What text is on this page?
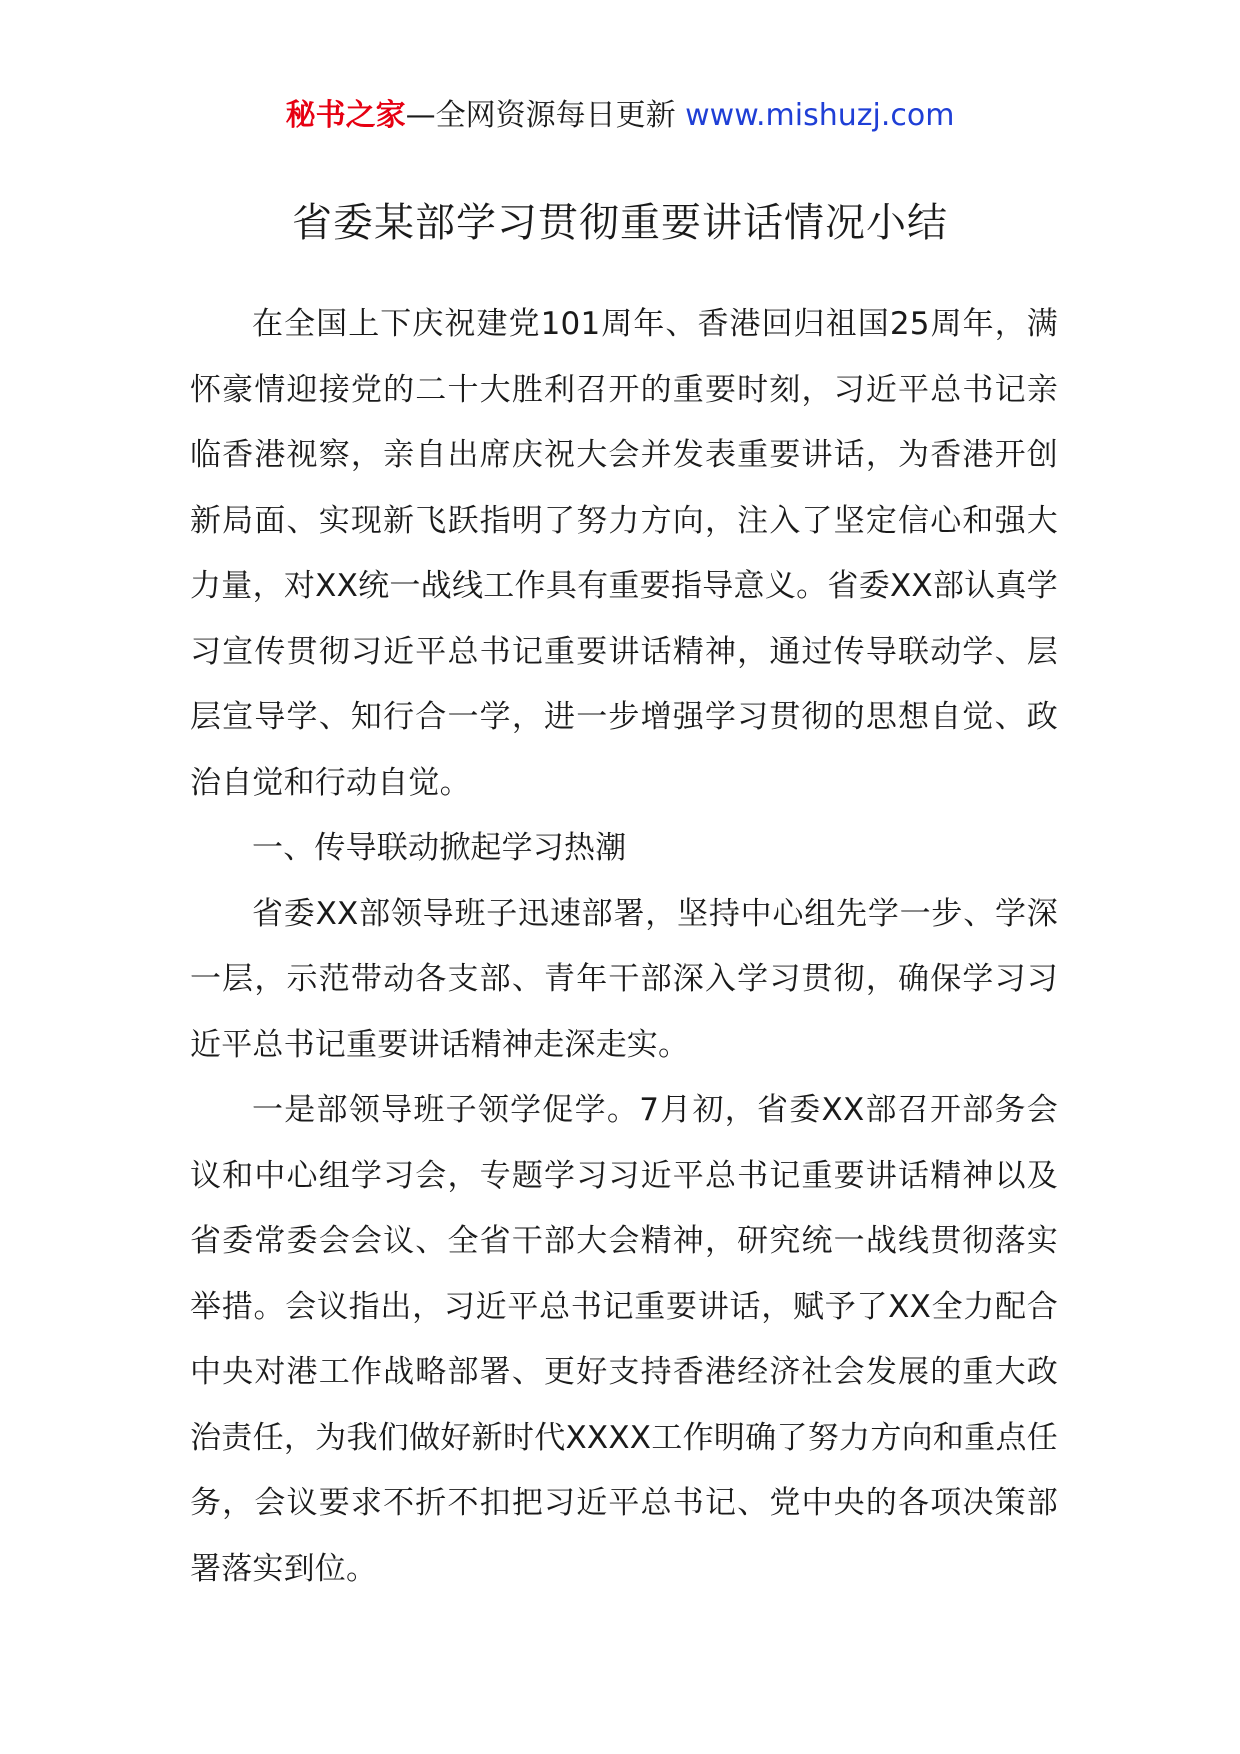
秘书之家—全网资源每日更新 www.mishuzj.com
省委某部学习贯彻重要讲话情况小结

在全国上下庆祝建党101周年、香港回归祖国25周年，满怀豪情迎接党的二十大胜利召开的重要时刻，习近平总书记亲临香港视察，亲自出席庆祝大会并发表重要讲话，为香港开创新局面、实现新飞跃指明了努力方向，注入了坚定信心和强大力量，对XX统一战线工作具有重要指导意义。省委XX部认真学习宣传贯彻习近平总书记重要讲话精神，通过传导联动学、层层宣导学、知行合一学，进一步增强学习贯彻的思想自觉、政治自觉和行动自觉。

一、传导联动掀起学习热潮

省委XX部领导班子迅速部署，坚持中心组先学一步、学深一层，示范带动各支部、青年干部深入学习贯彻，确保学习习近平总书记重要讲话精神走深走实。

一是部领导班子领学促学。7月初，省委XX部召开部务会议和中心组学习会，专题学习习近平总书记重要讲话精神以及省委常委会会议、全省干部大会精神，研究统一战线贯彻落实举措。会议指出，习近平总书记重要讲话，赋予了XX全力配合中央对港工作战略部署、更好支持香港经济社会发展的重大政治责任，为我们做好新时代XXXX工作明确了努力方向和重点任务，会议要求不折不扣把习近平总书记、党中央的各项决策部署落实到位。
